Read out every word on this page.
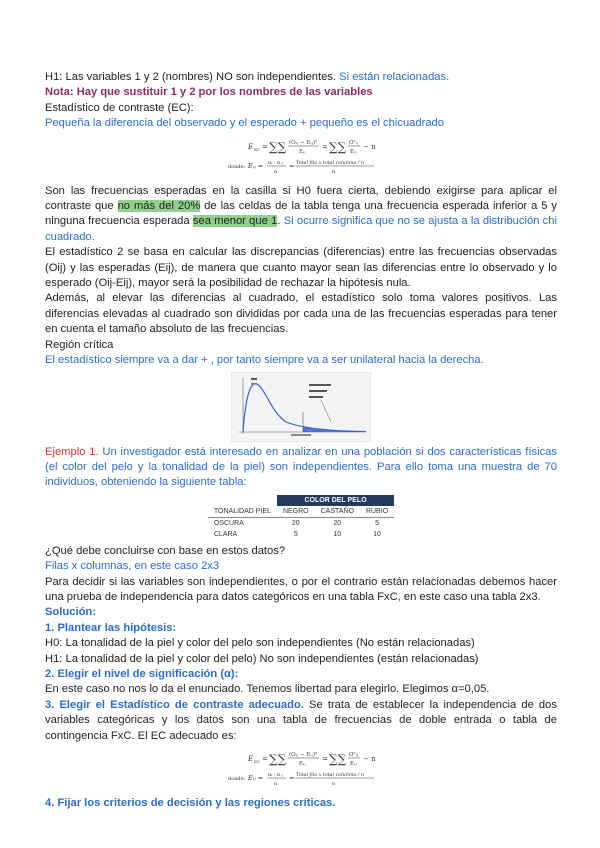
H1: Las variables 1 y 2 (nombres) NO son independientes. Si están relacionadas.

Nota: Hay que sustituir 1 y 2 por los nombres de las variables

Estadístico de contraste (EC):

Pequeña la diferencia del observado y el esperado + pequeño es el chicuadrado

E EC = ∑∑ (Oᵢⱼ − Eᵢⱼ)²
Eᵢⱼ
= ∑∑ O²ᵢⱼ
Eᵢⱼ
− n
donde: Eᵢⱼ = nᵢ · n.ⱼ
n
= Total fila x total columna / n
n

Son las frecuencias esperadas en la casilla si H0 fuera cierta, debiendo exigirse para aplicar el contraste que no más del 20% de las celdas de la tabla tenga una frecuencia esperada inferior a 5 y ninguna frecuencia esperada sea menor que 1. Si ocurre significa que no se ajusta a la distribución chi cuadrado.

El estadístico 2 se basa en calcular las discrepancias (diferencias) entre las frecuencias observadas (Oij) y las esperadas (Eij), de manera que cuanto mayor sean las diferencias entre lo observado y lo esperado (Oij-Eij), mayor será la posibilidad de rechazar la hipótesis nula.

Además, al elevar las diferencias al cuadrado, el estadístico solo toma valores positivos. Las diferencias elevadas al cuadrado son divididas por cada una de las frecuencias esperadas para tener en cuenta el tamaño absoluto de las frecuencias.

Región crítica

El estadístico siempre va a dar + , por tanto siempre va a ser unilateral hacia la derecha.

Ejemplo 1. Un investigador está interesado en analizar en una población si dos características físicas (el color del pelo y la tonalidad de la piel) son independientes. Para ello toma una muestra de 70 individuos, obteniendo la siguiente tabla:

	COLOR DEL PELO		
TONALIDAD PIEL	NEGRO	CASTAÑO	RUBIO
OSCURA	20	20	5
CLARA	5	10	10

¿Qué debe concluirse con base en estos datos?

Filas x columnas, en este caso 2x3

Para decidir si las variables son independientes, o por el contrario están relacionadas debemos hacer una prueba de independencia para datos categóricos en una tabla FxC, en este caso una tabla 2x3.

Solución:

1. Plantear las hipótesis:

H0: La tonalidad de la piel y color del pelo son independientes (No están relacionadas)

H1: La tonalidad de la piel y color del pelo) No son independientes (están relacionadas)

2. Elegir el nivel de significación (α):

En este caso no nos lo da el enunciado. Tenemos libertad para elegirlo. Elegimos α=0,05.

3. Elegir el Estadístico de contraste adecuado. Se trata de establecer la independencia de dos variables categóricas y los datos son una tabla de frecuencias de doble entrada o tabla de contingencia FxC. El EC adecuado es:

E EC = ∑∑ (Oᵢⱼ − Eᵢⱼ)²
Eᵢⱼ
= ∑∑ O²ᵢⱼ
Eᵢⱼ
− n
donde: Eᵢⱼ = nᵢ · n.ⱼ
n
= Total fila x total columna / n
n

4. Fijar los criterios de decisión y las regiones críticas.
